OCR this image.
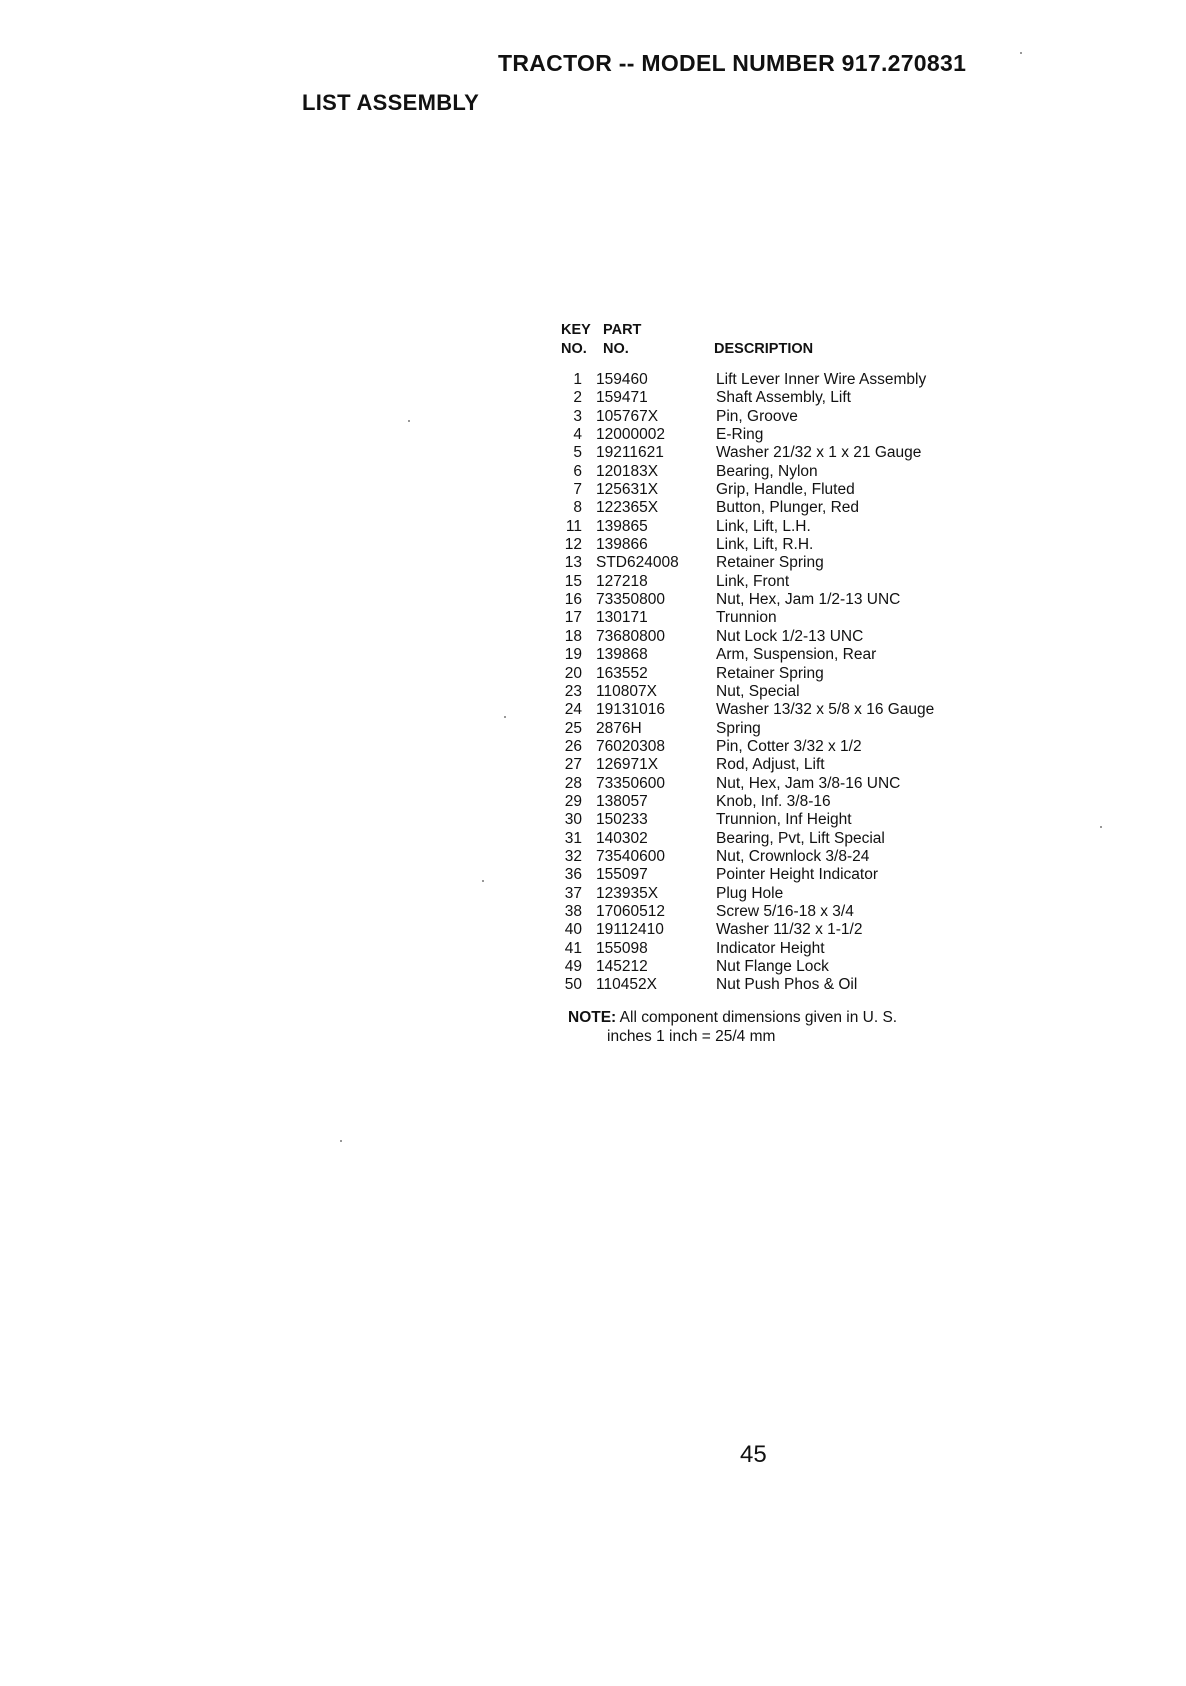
TRACTOR -- MODEL NUMBER 917.270831
LIST ASSEMBLY
KEY
NO.
PART
NO.	DESCRIPTION
1 159460	Lift Lever Inner Wire Assembly
2 159471	Shaft Assembly, Lift
3 105767X	Pin, Groove
4 12000002	E-Ring
5 19211621	Washer 21/32 x 1 x 21 Gauge
6 120183X	Bearing, Nylon
7 125631X	Grip, Handle, Fluted
8 122365X	Button, Plunger, Red
11 139865	Link, Lift, L.H.
12 139866	Link, Lift, R.H.
13 STD624008 Retainer Spring
15 127218	Link, Front
16 73350800	Nut, Hex, Jam 1/2-13 UNC
17 130171	Trunnion
18 73680800	Nut Lock 1/2-13 UNC
19 139868	Arm, Suspension, Rear
20 163552	Retainer Spring
23 110807X	Nut, Special
24 19131016	Washer 13/32 x 5/8 x 16 Gauge
25 2876H	Spring
26 76020308	Pin, Cotter 3/32 x 1/2
27 126971X	Rod, Adjust, Lift
28 73350600	Nut, Hex, Jam 3/8-16 UNC
29 138057	Knob, Inf. 3/8-16
30 150233	Trunnion, Inf Height
31 140302	Bearing, Pvt, Lift Special
32 73540600	Nut, Crownlock 3/8-24
36 155097	Pointer Height Indicator
37 123935X	Plug Hole
38 17060512	Screw 5/16-18 x 3/4
40 19112410	Washer 11/32 x 1-1/2
41 155098	Indicator Height
49 145212	Nut Flange Lock
50 110452X	Nut Push Phos & Oil
NOTE: All component dimensions given in U. S.
inches 1 inch = 25/4 mm
45
